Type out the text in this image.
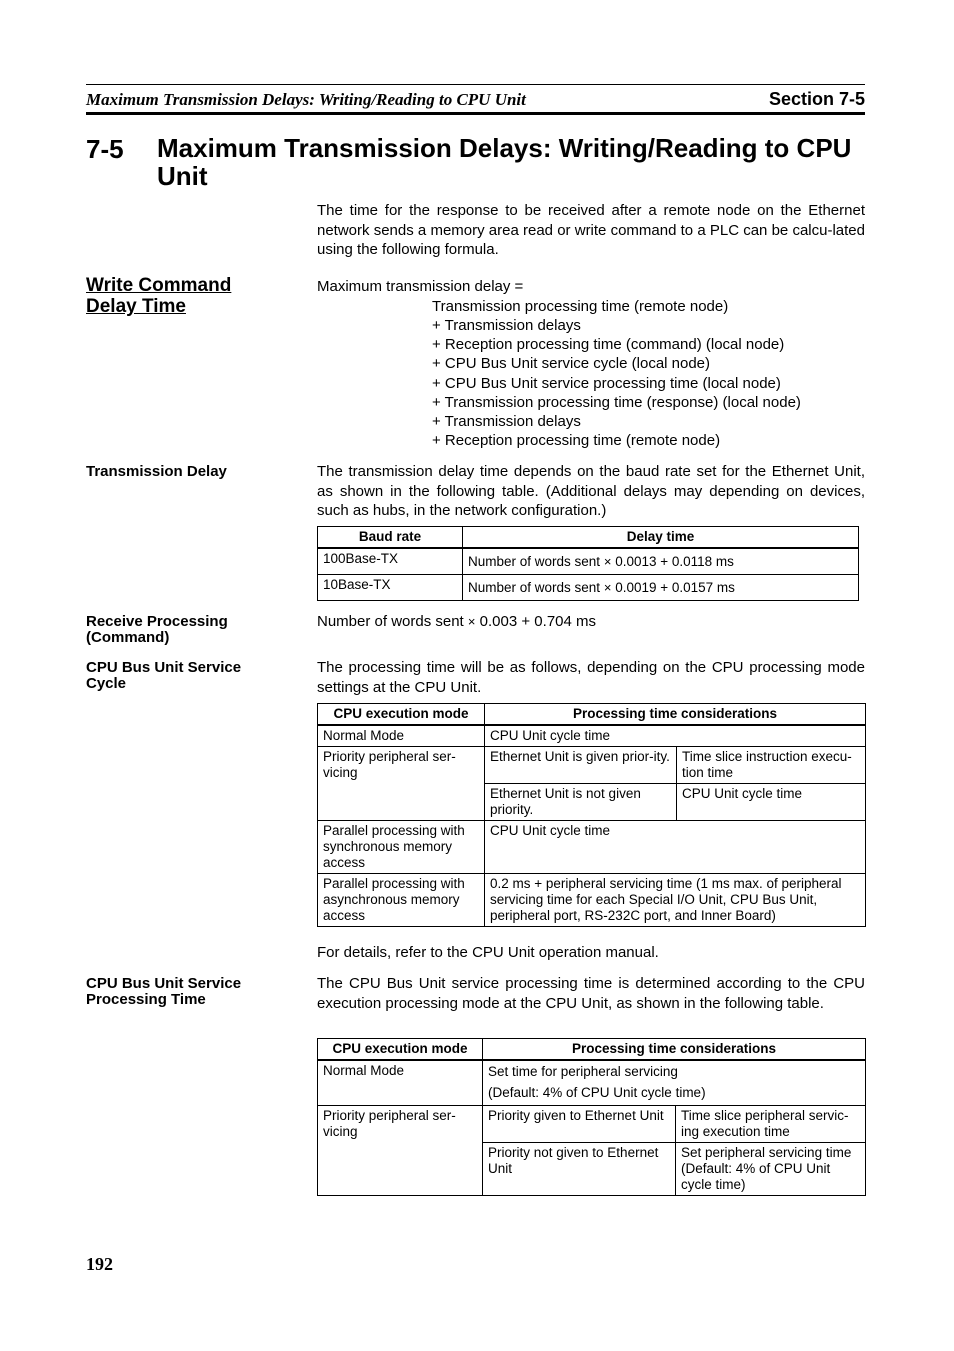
Maximum Transmission Delays: Writing/Reading to CPU Unit	Section 7-5
7-5 Maximum Transmission Delays: Writing/Reading to CPU Unit
The time for the response to be received after a remote node on the Ethernet network sends a memory area read or write command to a PLC can be calcu-lated using the following formula.
Write Command
Delay Time
Maximum transmission delay =
Transmission processing time (remote node)
+ Transmission delays
+ Reception processing time (command) (local node)
+ CPU Bus Unit service cycle (local node)
+ CPU Bus Unit service processing time (local node)
+ Transmission processing time (response) (local node)
+ Transmission delays
+ Reception processing time (remote node)
Transmission Delay	The transmission delay time depends on the baud rate set for the Ethernet Unit, as shown in the following table. (Additional delays may depending on devices, such as hubs, in the network configuration.)
Baud rate	Delay time
100Base-TX	Number of words sent × 0.0013 + 0.0118 ms
10Base-TX	Number of words sent × 0.0019 + 0.0157 ms
Receive Processing
(Command)
Number of words sent × 0.003 + 0.704 ms
CPU Bus Unit Service
Cycle
The processing time will be as follows, depending on the CPU processing mode settings at the CPU Unit.
CPU execution mode	Processing time considerations	
Normal Mode	CPU Unit cycle time	
Priority peripheral ser-vicing	Ethernet Unit is given prior-ity.	Time slice instruction execu-tion time
	Ethernet Unit is not given priority.	CPU Unit cycle time
Parallel processing with synchronous memory access	CPU Unit cycle time	
Parallel processing with asynchronous memory access	0.2 ms + peripheral servicing time (1 ms max. of peripheral servicing time for each Special I/O Unit, CPU Bus Unit, peripheral port, RS-232C port, and Inner Board)	
For details, refer to the CPU Unit operation manual.
CPU Bus Unit Service
Processing Time
The CPU Bus Unit service processing time is determined according to the CPU execution processing mode at the CPU Unit, as shown in the following table.
CPU execution mode	Processing time considerations	
Normal Mode	Set time for peripheral servicing
(Default: 4% of CPU Unit cycle time)	

Priority peripheral ser-vicing	Priority given to Ethernet Unit	Time slice peripheral servic-ing execution time
	Priority not given to Ethernet Unit	Set peripheral servicing time (Default: 4% of CPU Unit cycle time)
192
